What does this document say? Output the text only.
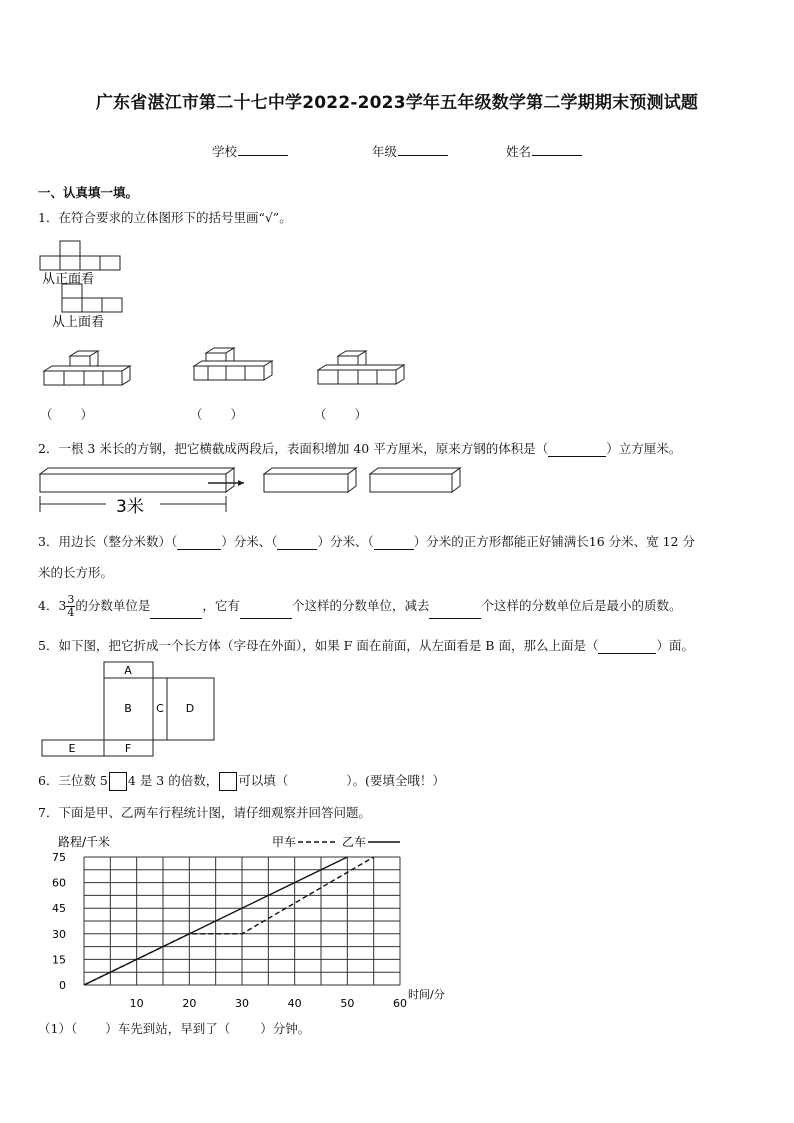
广东省湛江市第二十七中学2022-2023学年五年级数学第二学期期末预测试题
学校	年级	姓名
一、认真填一填。
1．在符合要求的立体图形下的括号里画“√”。
从正面看
从上面看
（　　）	（　　）	（　　）
2．一根 3 米长的方钢，把它横截成两段后，表面积增加 40 平方厘米，原来方钢的体积是（	）立方厘米。
3米
3．用边长（整分米数）（	）分米、（	）分米、（	）分米的正方形都能正好铺满长16 分米、宽 12 分
米的长方形。
4．$3 \frac{3}{4}$ 的分数单位是	，它有	个这样的分数单位，减去	个这样的分数单位后是最小的质数。
5．如下图，把它折成一个长方体（字母在外面），如果 F 面在前面，从左面看是 B 面，那么上面是（	）面。
A
B C D
E	F
6．三位数 5 4 是 3 的倍数， 可以填（	）。(要填全哦！）
7．下面是甲、乙两车行程统计图，请仔细观察并回答问题。
路程/千米
时间/分
75
60
45
30
15
0
10	20	30	40	50	60
甲车	乙车
（1）（ ）车先到站，早到了（ ）分钟。
